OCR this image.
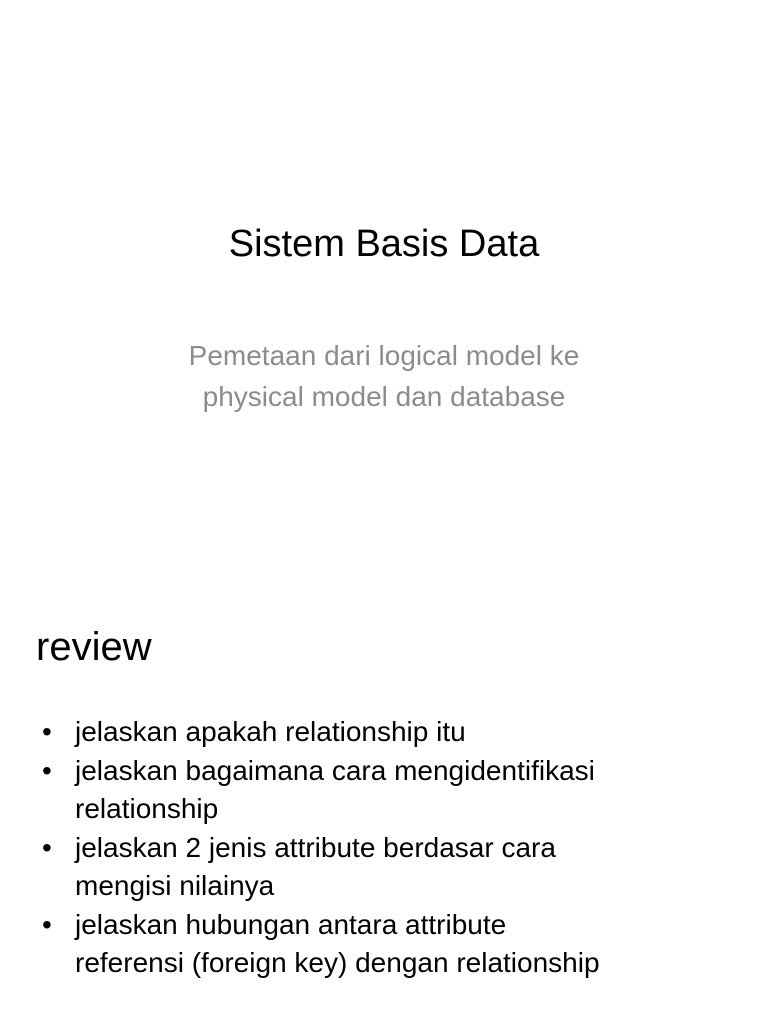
Sistem Basis Data
Pemetaan dari logical model ke
physical model dan database
review
• jelaskan apakah relationship itu
• jelaskan bagaimana cara mengidentifikasi
relationship
• jelaskan 2 jenis attribute berdasar cara
mengisi nilainya
• jelaskan hubungan antara attribute
referensi (foreign key) dengan relationship
